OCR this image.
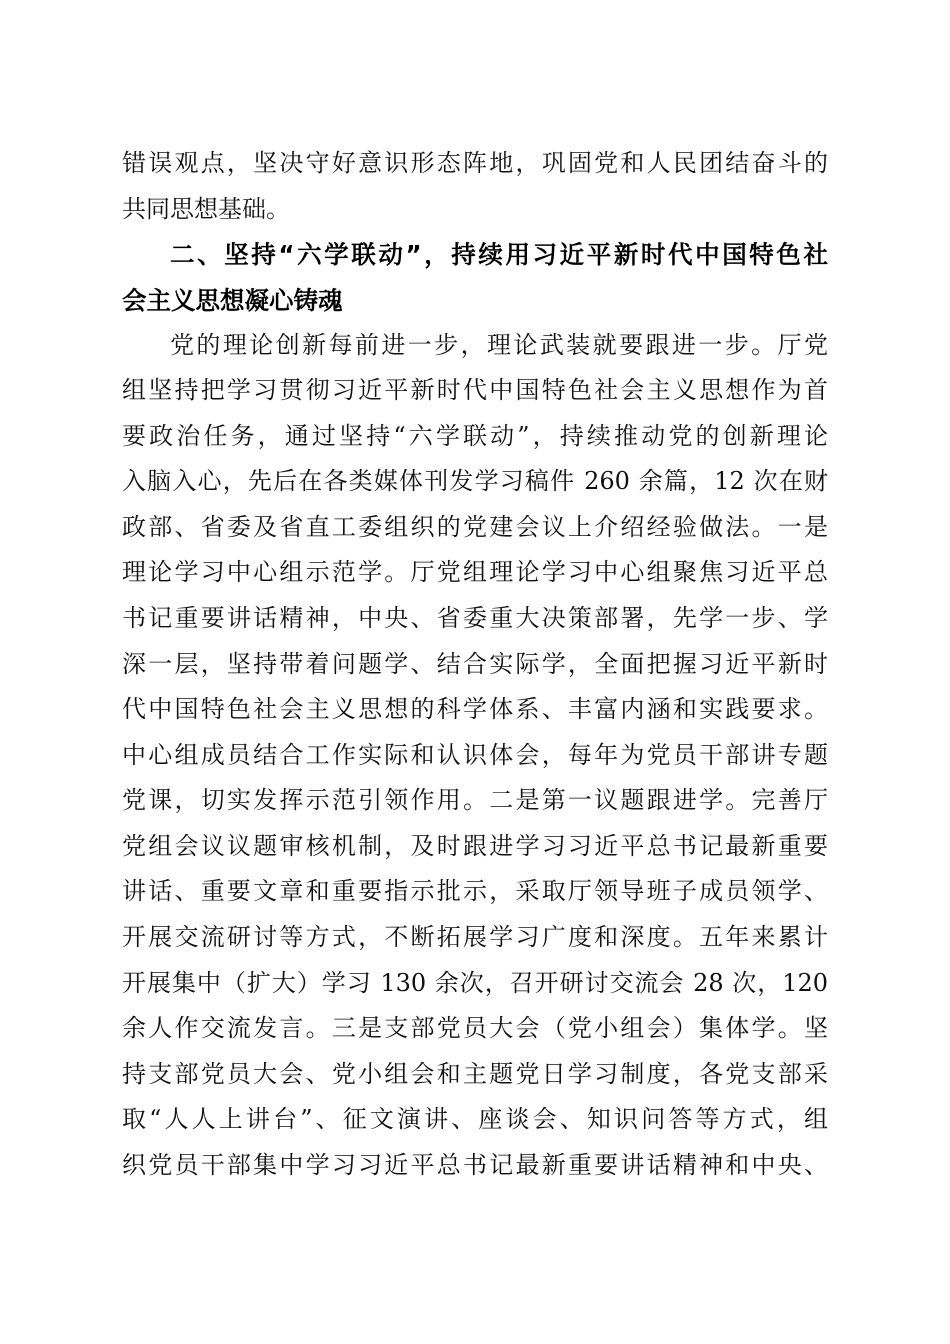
错误观点，坚决守好意识形态阵地，巩固党和人民团结奋斗的
共同思想基础。
二、坚持“六学联动”，持续用习近平新时代中国特色社
会主义思想凝心铸魂
党的理论创新每前进一步，理论武装就要跟进一步。厅党
组坚持把学习贯彻习近平新时代中国特色社会主义思想作为首
要政治任务，通过坚持“六学联动”，持续推动党的创新理论
入脑入心，先后在各类媒体刊发学习稿件 260 余篇，12 次在财
政部、省委及省直工委组织的党建会议上介绍经验做法。一是
理论学习中心组示范学。厅党组理论学习中心组聚焦习近平总
书记重要讲话精神，中央、省委重大决策部署，先学一步、学
深一层，坚持带着问题学、结合实际学，全面把握习近平新时
代中国特色社会主义思想的科学体系、丰富内涵和实践要求。
中心组成员结合工作实际和认识体会，每年为党员干部讲专题
党课，切实发挥示范引领作用。二是第一议题跟进学。完善厅
党组会议议题审核机制，及时跟进学习习近平总书记最新重要
讲话、重要文章和重要指示批示，采取厅领导班子成员领学、
开展交流研讨等方式，不断拓展学习广度和深度。五年来累计
开展集中（扩大）学习 130 余次，召开研讨交流会 28 次，120
余人作交流发言。三是支部党员大会（党小组会）集体学。坚
持支部党员大会、党小组会和主题党日学习制度，各党支部采
取“人人上讲台”、征文演讲、座谈会、知识问答等方式，组
织党员干部集中学习习近平总书记最新重要讲话精神和中央、
